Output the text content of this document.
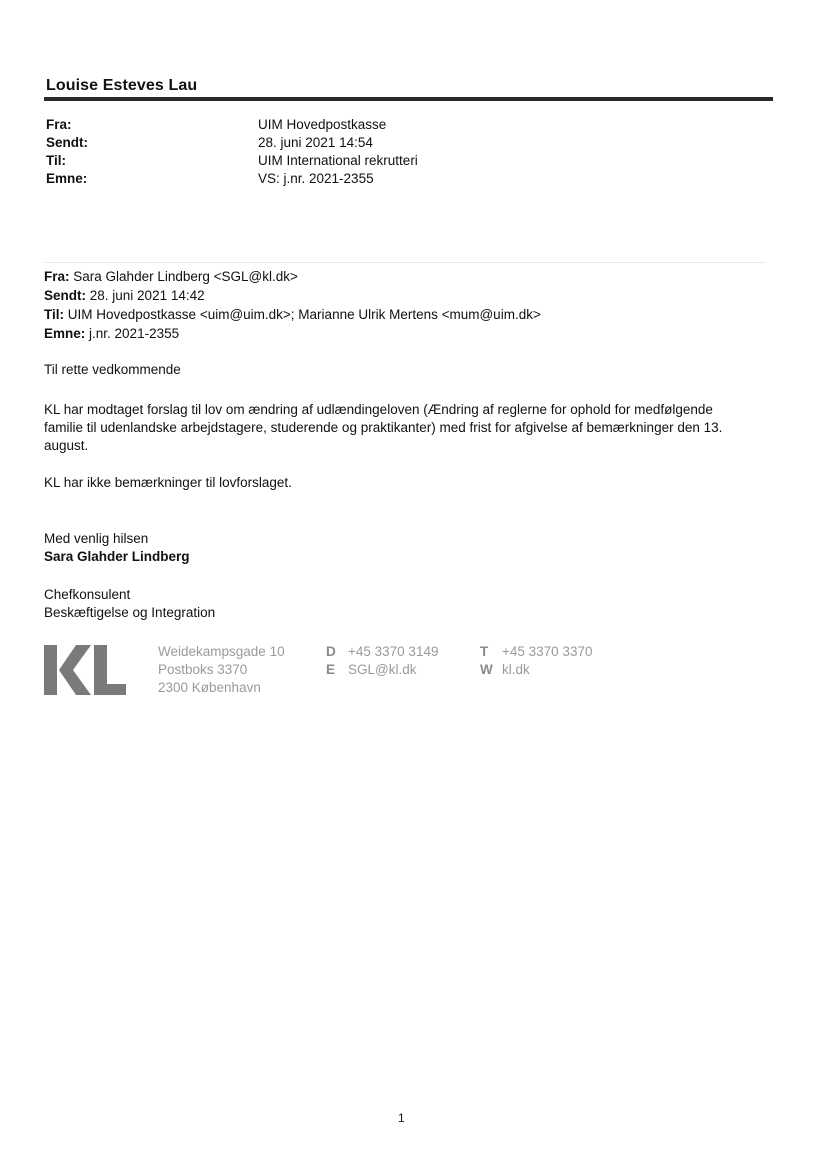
Louise Esteves Lau
Fra:	UIM Hovedpostkasse
Sendt:	28. juni 2021 14:54
Til:	UIM International rekrutteri
Emne:	VS: j.nr. 2021-2355
Fra: Sara Glahder Lindberg <SGL@kl.dk>
Sendt: 28. juni 2021 14:42
Til: UIM Hovedpostkasse <uim@uim.dk>; Marianne Ulrik Mertens <mum@uim.dk>
Emne: j.nr. 2021-2355
Til rette vedkommende
KL har modtaget forslag til lov om ændring af udlændingeloven (Ændring af reglerne for ophold for medfølgende
familie til udenlandske arbejdstagere, studerende og praktikanter) med frist for afgivelse af bemærkninger den 13.
august.
KL har ikke bemærkninger til lovforslaget.
Med venlig hilsen
Sara Glahder Lindberg
Chefkonsulent
Beskæftigelse og Integration
Weidekampsgade 10
Postboks 3370
2300 København
D +45 3370 3149
E SGL@kl.dk
T +45 3370 3370
W kl.dk
1
